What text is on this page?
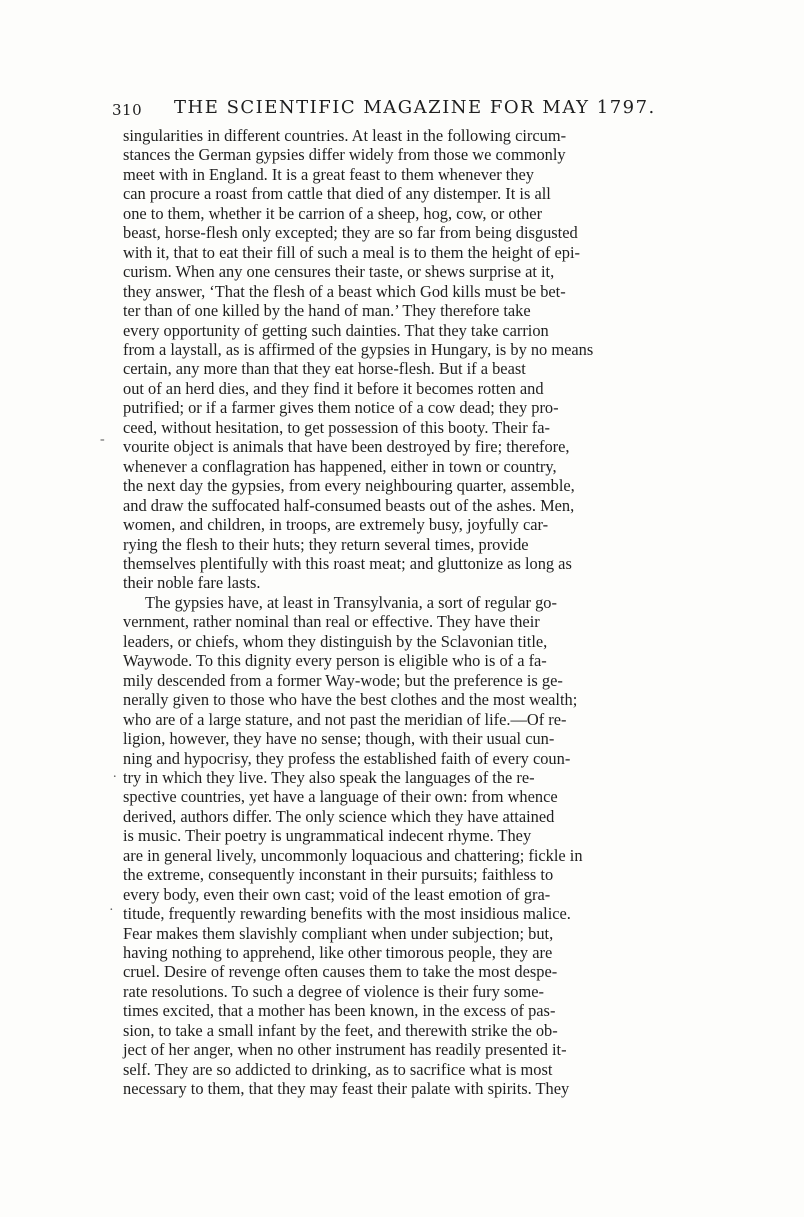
310 THE SCIENTIFIC MAGAZINE FOR MAY 1797.

singularities in different countries. At least in the following circum-
stances the German gypsies differ widely from those we commonly
meet with in England. It is a great feast to them whenever they
can procure a roast from cattle that died of any distemper. It is all
one to them, whether it be carrion of a sheep, hog, cow, or other
beast, horse-flesh only excepted; they are so far from being disgusted
with it, that to eat their fill of such a meal is to them the height of epi-
curism. When any one censures their taste, or shews surprise at it,
they answer, ‘That the flesh of a beast which God kills must be bet-
ter than of one killed by the hand of man.’ They therefore take
every opportunity of getting such dainties. That they take carrion
from a laystall, as is affirmed of the gypsies in Hungary, is by no means
certain, any more than that they eat horse-flesh. But if a beast
out of an herd dies, and they find it before it becomes rotten and
putrified; or if a farmer gives them notice of a cow dead; they pro-
ceed, without hesitation, to get possession of this booty. Their fa-
vourite object is animals that have been destroyed by fire; therefore,
whenever a conflagration has happened, either in town or country,
the next day the gypsies, from every neighbouring quarter, assemble,
and draw the suffocated half-consumed beasts out of the ashes. Men,
women, and children, in troops, are extremely busy, joyfully car-
rying the flesh to their huts; they return several times, provide
themselves plentifully with this roast meat; and gluttonize as long as
their noble fare lasts.

The gypsies have, at least in Transylvania, a sort of regular go-
vernment, rather nominal than real or effective. They have their
leaders, or chiefs, whom they distinguish by the Sclavonian title,
Waywode. To this dignity every person is eligible who is of a fa-
mily descended from a former Way-wode; but the preference is ge-
nerally given to those who have the best clothes and the most wealth;
who are of a large stature, and not past the meridian of life.—Of re-
ligion, however, they have no sense; though, with their usual cun-
ning and hypocrisy, they profess the established faith of every coun-
try in which they live. They also speak the languages of the re-
spective countries, yet have a language of their own: from whence
derived, authors differ. The only science which they have attained
is music. Their poetry is ungrammatical indecent rhyme. They
are in general lively, uncommonly loquacious and chattering; fickle in
the extreme, consequently inconstant in their pursuits; faithless to
every body, even their own cast; void of the least emotion of gra-
titude, frequently rewarding benefits with the most insidious malice.
Fear makes them slavishly compliant when under subjection; but,
having nothing to apprehend, like other timorous people, they are
cruel. Desire of revenge often causes them to take the most despe-
rate resolutions. To such a degree of violence is their fury some-
times excited, that a mother has been known, in the excess of pas-
sion, to take a small infant by the feet, and therewith strike the ob-
ject of her anger, when no other instrument has readily presented it-
self. They are so addicted to drinking, as to sacrifice what is most
necessary to them, that they may feast their palate with spirits. They

-
.
·
